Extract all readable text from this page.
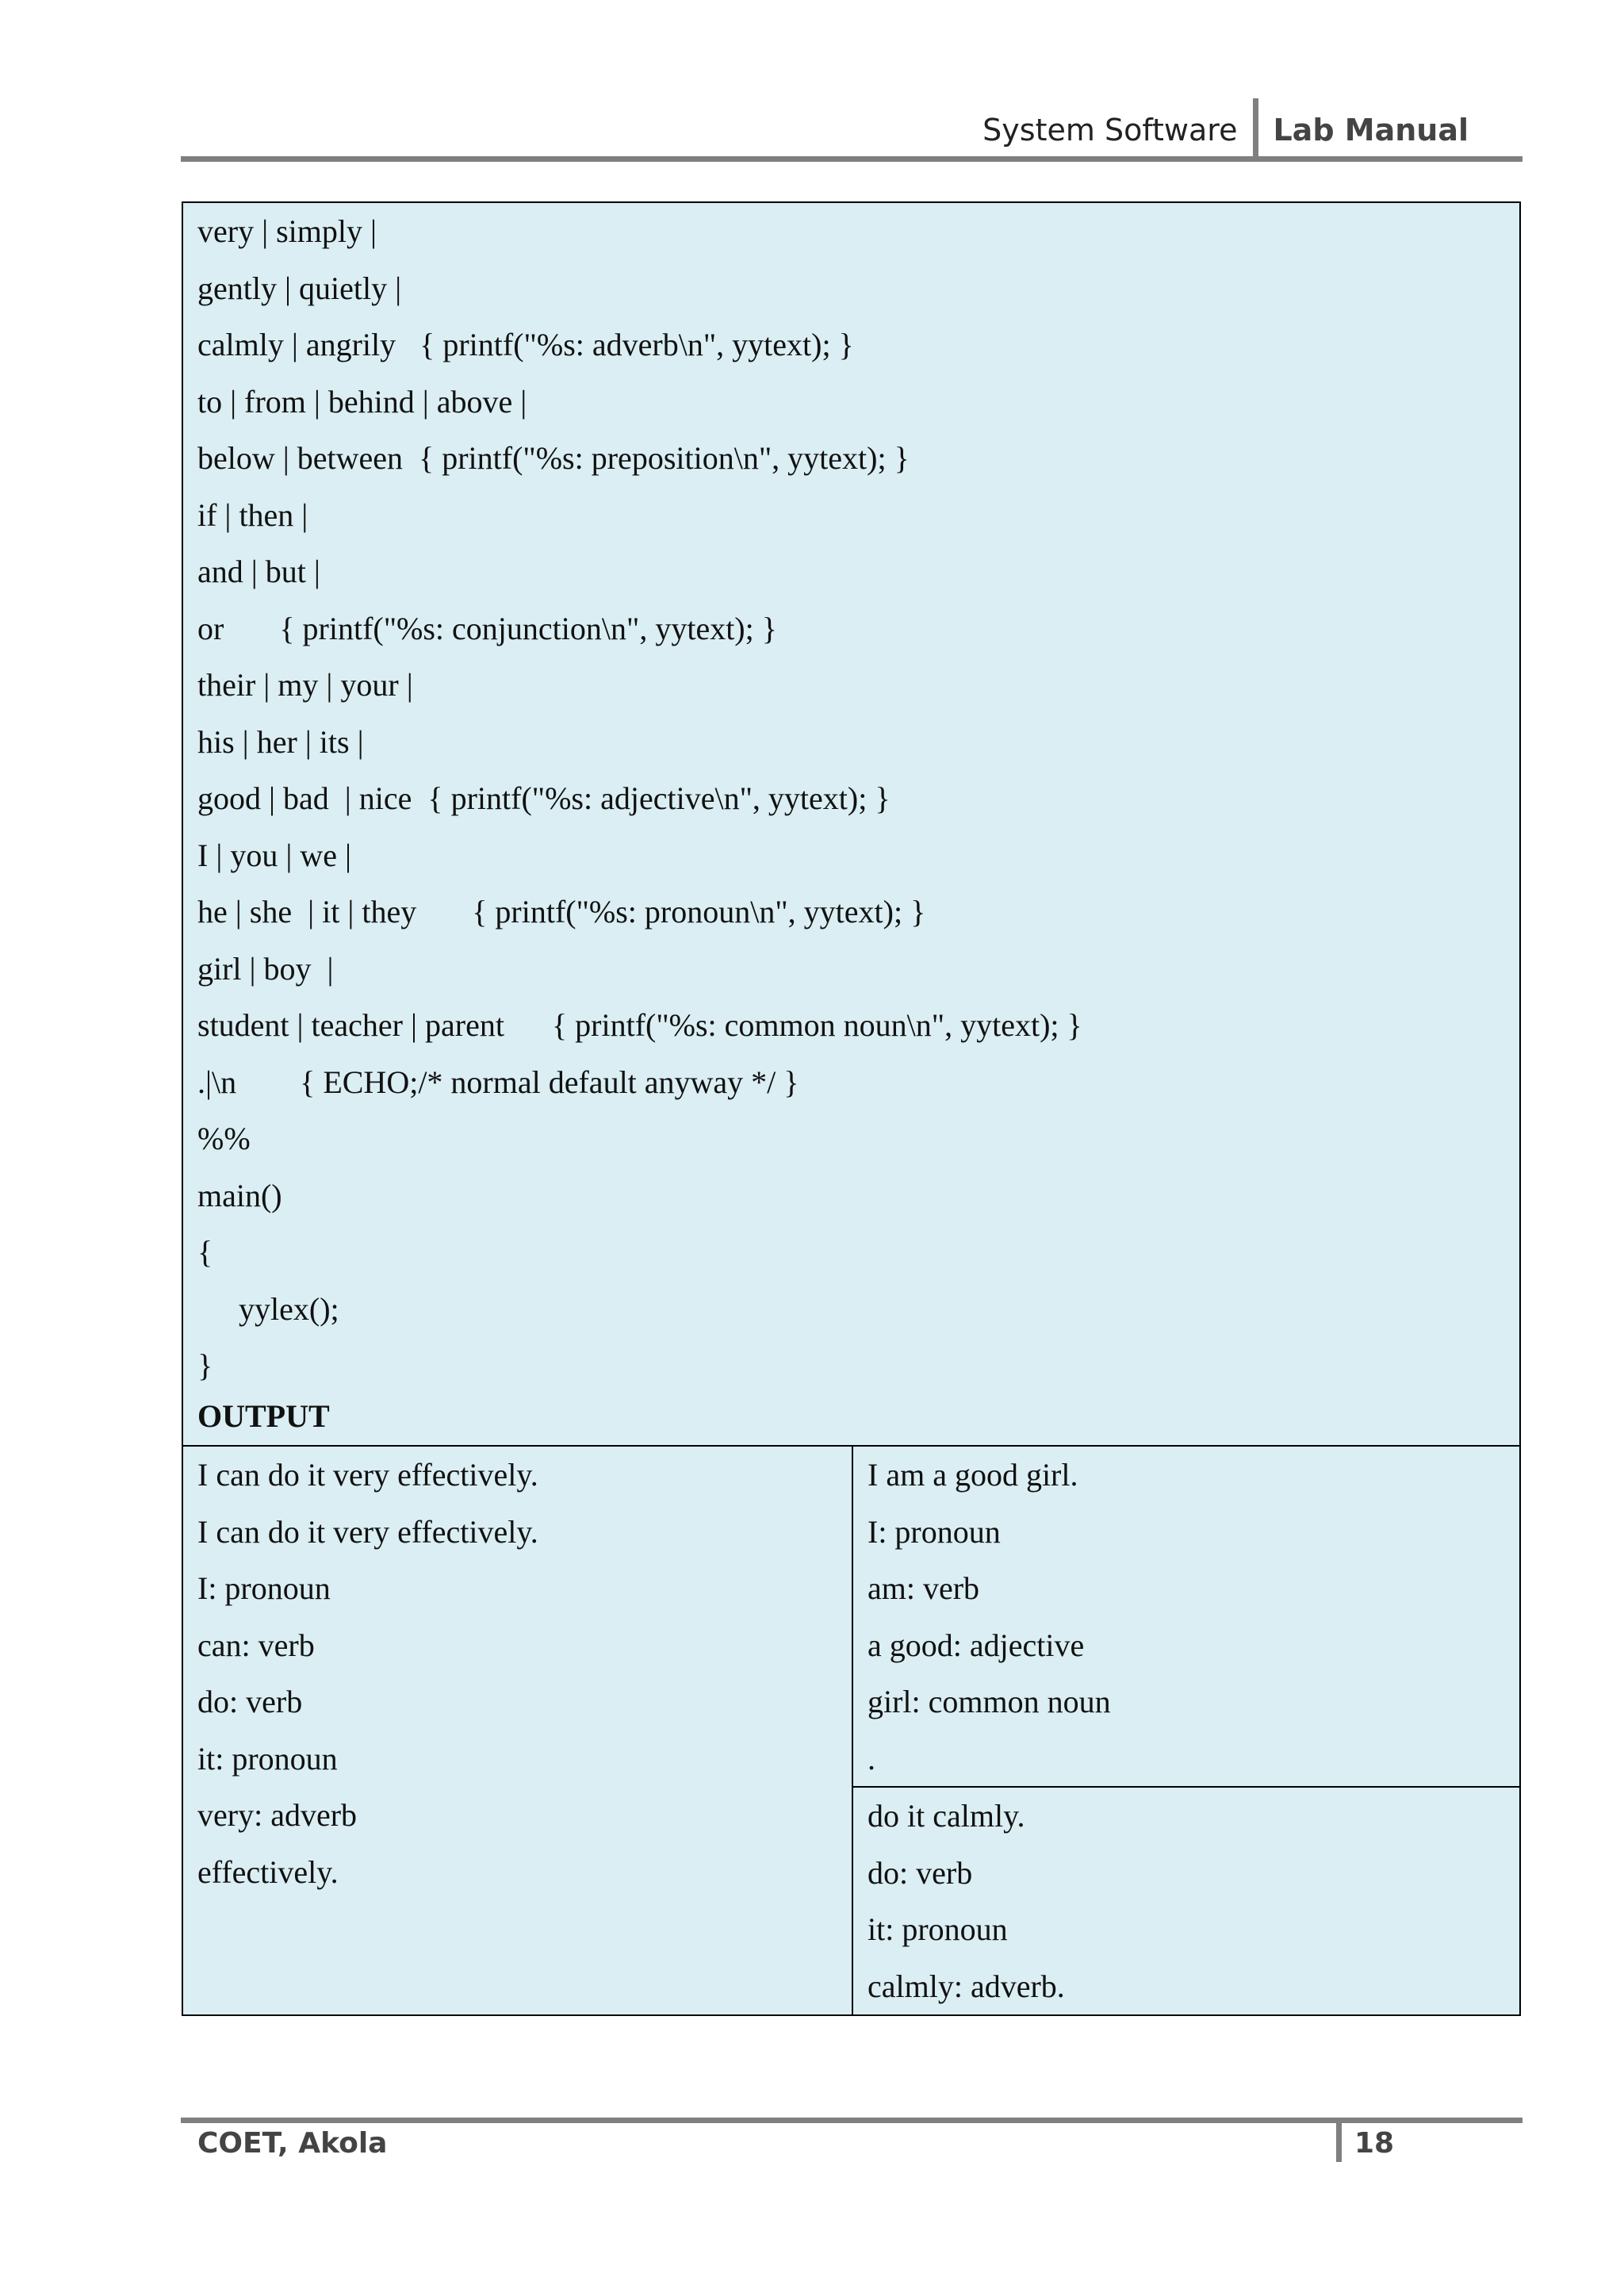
System Software	Lab Manual
very | simply |
gently | quietly |
calmly | angrily   { printf("%s: adverb\n", yytext); }
to | from | behind | above |
below | between  { printf("%s: preposition\n", yytext); }
if | then |
and | but |
or       { printf("%s: conjunction\n", yytext); }
their | my | your |
his | her | its |
good | bad  | nice  { printf("%s: adjective\n", yytext); }
I | you | we |
he | she  | it | they       { printf("%s: pronoun\n", yytext); }
girl | boy  |
student | teacher | parent      { printf("%s: common noun\n", yytext); }
.|\n        { ECHO;/* normal default anyway */ }
%%
main()
{
yylex();
}
OUTPUT
I can do it very effectively.
I can do it very effectively.
I: pronoun
can: verb
do: verb
it: pronoun
very: adverb
effectively.
I am a good girl.
I: pronoun
am: verb
a good: adjective
girl: common noun
.
do it calmly.
do: verb
it: pronoun
calmly: adverb.
COET, Akola	18
